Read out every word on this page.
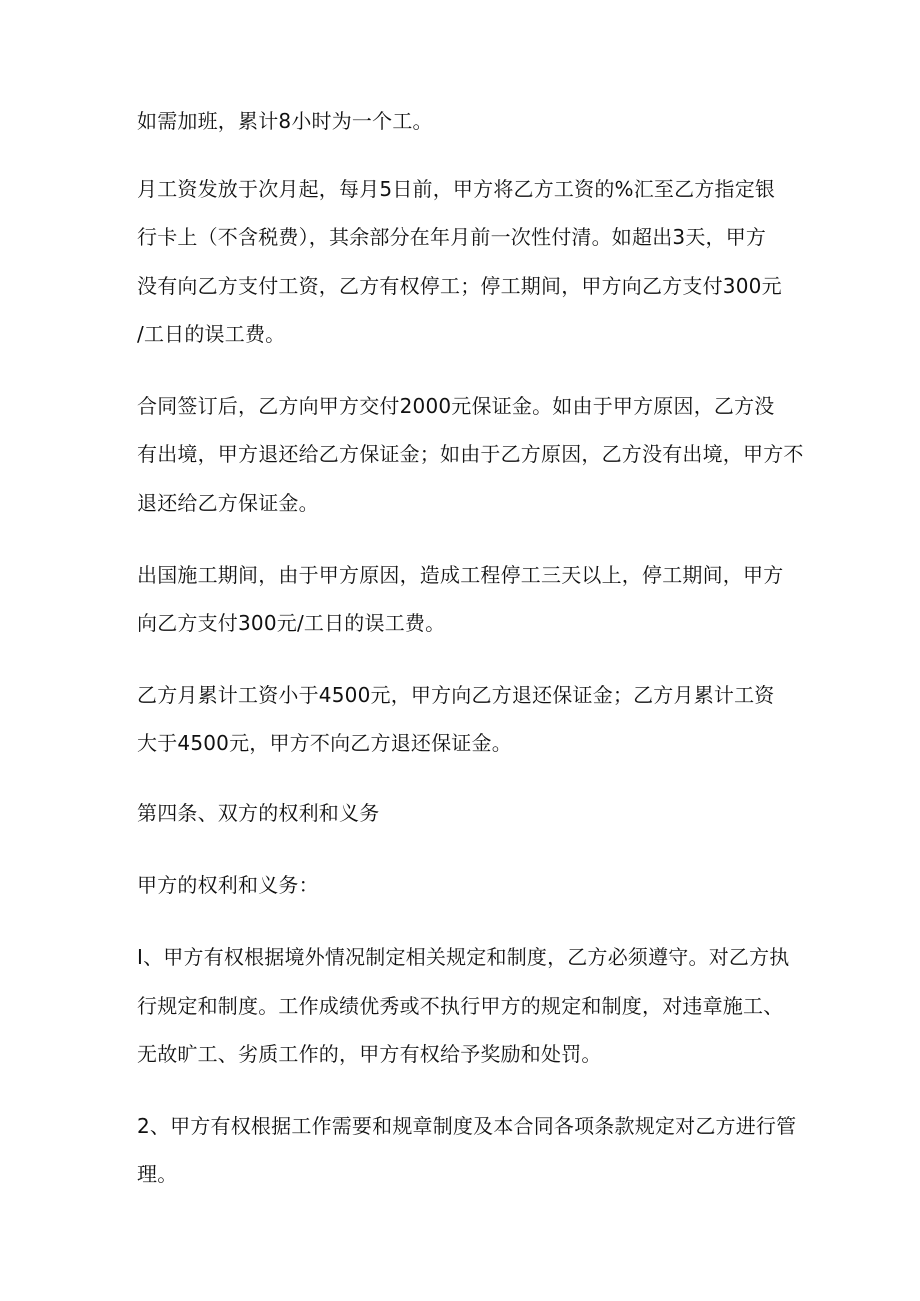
如需加班，累计8小时为一个工。
月工资发放于次月起，每月5日前，甲方将乙方工资的%汇至乙方指定银
行卡上（不含税费），其余部分在年月前一次性付清。如超出3天，甲方
没有向乙方支付工资，乙方有权停工；停工期间，甲方向乙方支付300元
/工日的误工费。
合同签订后，乙方向甲方交付2000元保证金。如由于甲方原因，乙方没
有出境，甲方退还给乙方保证金；如由于乙方原因，乙方没有出境，甲方不
退还给乙方保证金。
出国施工期间，由于甲方原因，造成工程停工三天以上，停工期间，甲方
向乙方支付300元/工日的误工费。
乙方月累计工资小于4500元，甲方向乙方退还保证金；乙方月累计工资
大于4500元，甲方不向乙方退还保证金。
第四条、双方的权利和义务
甲方的权利和义务：
I、甲方有权根据境外情况制定相关规定和制度，乙方必须遵守。对乙方执
行规定和制度。工作成绩优秀或不执行甲方的规定和制度，对违章施工、
无故旷工、劣质工作的，甲方有权给予奖励和处罚。
2、甲方有权根据工作需要和规章制度及本合同各项条款规定对乙方进行管
理。
